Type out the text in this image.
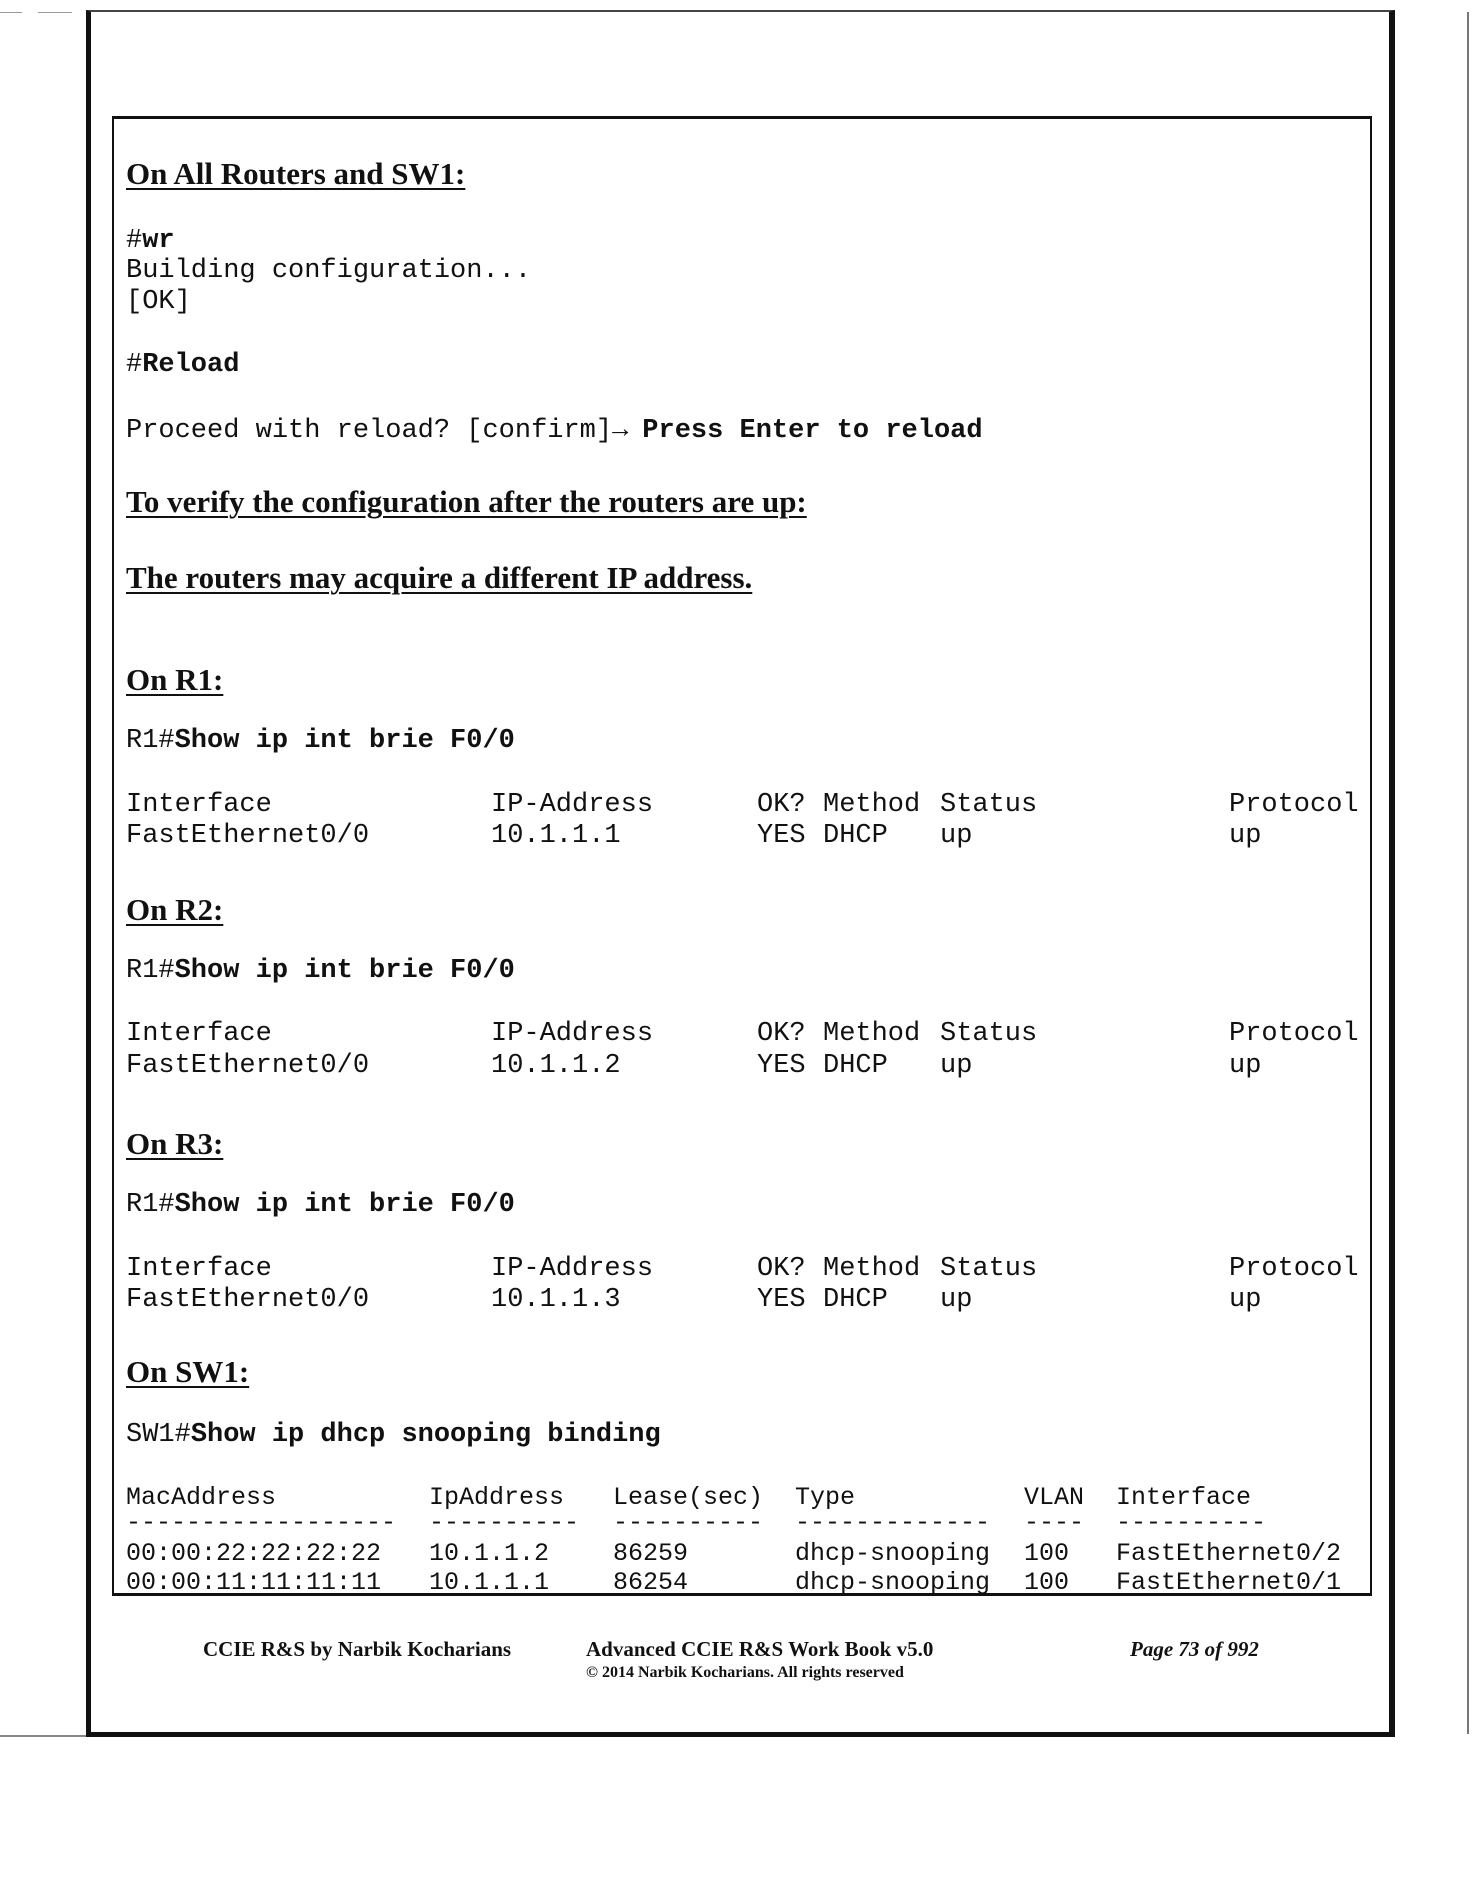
On All Routers and SW1:
#wr
Building configuration...
[OK]
#Reload
Proceed with reload? [confirm]→ Press Enter to reload
To verify the configuration after the routers are up:
The routers may acquire a different IP address.
On R1:
R1#Show ip int brie F0/0
Interface	IP-Address	OK? Method Status	Protocol
FastEthernet0/0	10.1.1.1	YES DHCP up	up
On R2:
R1#Show ip int brie F0/0
Interface	IP-Address	OK? Method Status	Protocol
FastEthernet0/0	10.1.1.2	YES DHCP up	up
On R3:
R1#Show ip int brie F0/0
Interface	IP-Address	OK? Method Status	Protocol
FastEthernet0/0	10.1.1.3	YES DHCP up	up
On SW1:
SW1#Show ip dhcp snooping binding
MacAddress	IpAddress Lease(sec) Type	VLAN Interface
------------------ ---------- ---------- ------------- ---- ----------
00:00:22:22:22:22 10.1.1.2	86259	dhcp-snooping 100 FastEthernet0/2
00:00:11:11:11:11 10.1.1.1	86254	dhcp-snooping 100 FastEthernet0/1
CCIE R&S by Narbik Kocharians	Advanced CCIE R&S Work Book v5.0
© 2014 Narbik Kocharians. All rights reserved
Page 73 of 992
